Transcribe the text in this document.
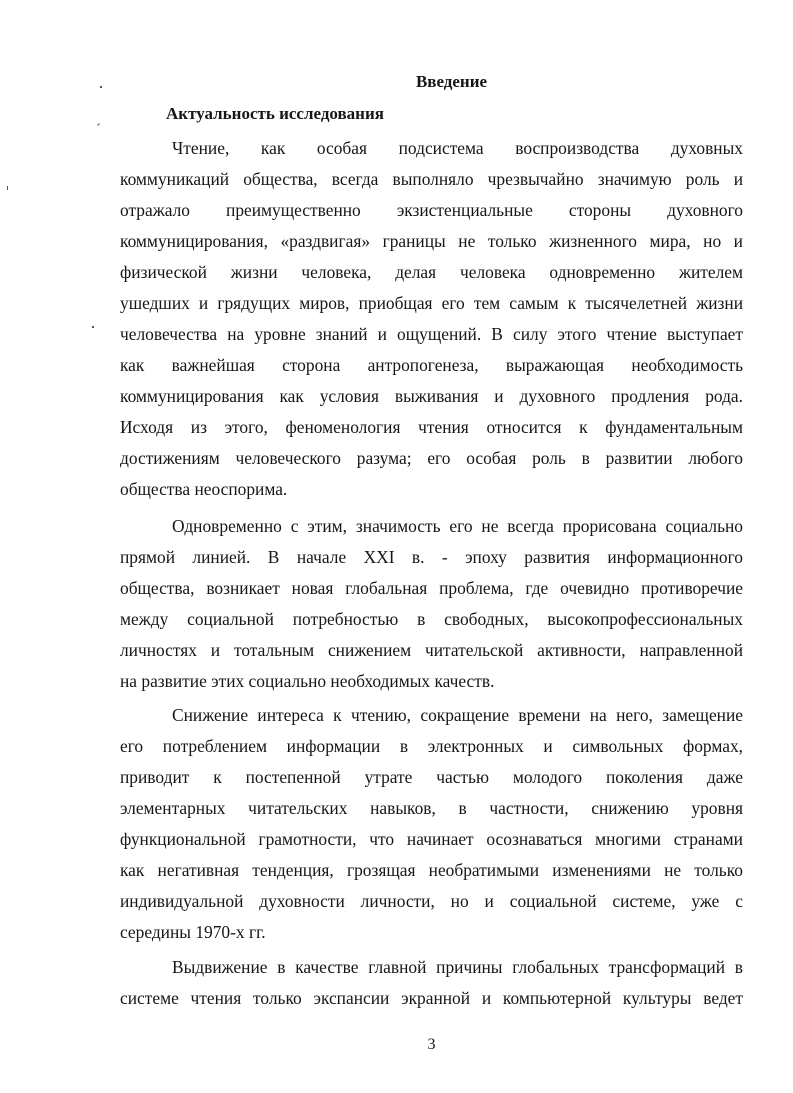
Введение
Актуальность исследования
Чтение, как особая подсистема воспроизводства духовных
коммуникаций общества, всегда выполняло чрезвычайно значимую роль и
отражало преимущественно экзистенциальные стороны духовного
коммуницирования, «раздвигая» границы не только жизненного мира, но и
физической жизни человека, делая человека одновременно жителем
ушедших и грядущих миров, приобщая его тем самым к тысячелетней жизни
человечества на уровне знаний и ощущений. В силу этого чтение выступает
как важнейшая сторона антропогенеза, выражающая необходимость
коммуницирования как условия выживания и духовного продления рода.
Исходя из этого, феноменология чтения относится к фундаментальным
достижениям человеческого разума; его особая роль в развитии любого
общества неоспорима.
Одновременно с этим, значимость его не всегда прорисована социально
прямой линией. В начале XXI в. - эпоху развития информационного
общества, возникает новая глобальная проблема, где очевидно противоречие
между социальной потребностью в свободных, высокопрофессиональных
личностях и тотальным снижением читательской активности, направленной
на развитие этих социально необходимых качеств.
Снижение интереса к чтению, сокращение времени на него, замещение
его потреблением информации в электронных и символьных формах,
приводит к постепенной утрате частью молодого поколения даже
элементарных читательских навыков, в частности, снижению уровня
функциональной грамотности, что начинает осознаваться многими странами
как негативная тенденция, грозящая необратимыми изменениями не только
индивидуальной духовности личности, но и социальной системе, уже с
середины 1970-х гг.
Выдвижение в качестве главной причины глобальных трансформаций в
системе чтения только экспансии экранной и компьютерной культуры ведет
3
